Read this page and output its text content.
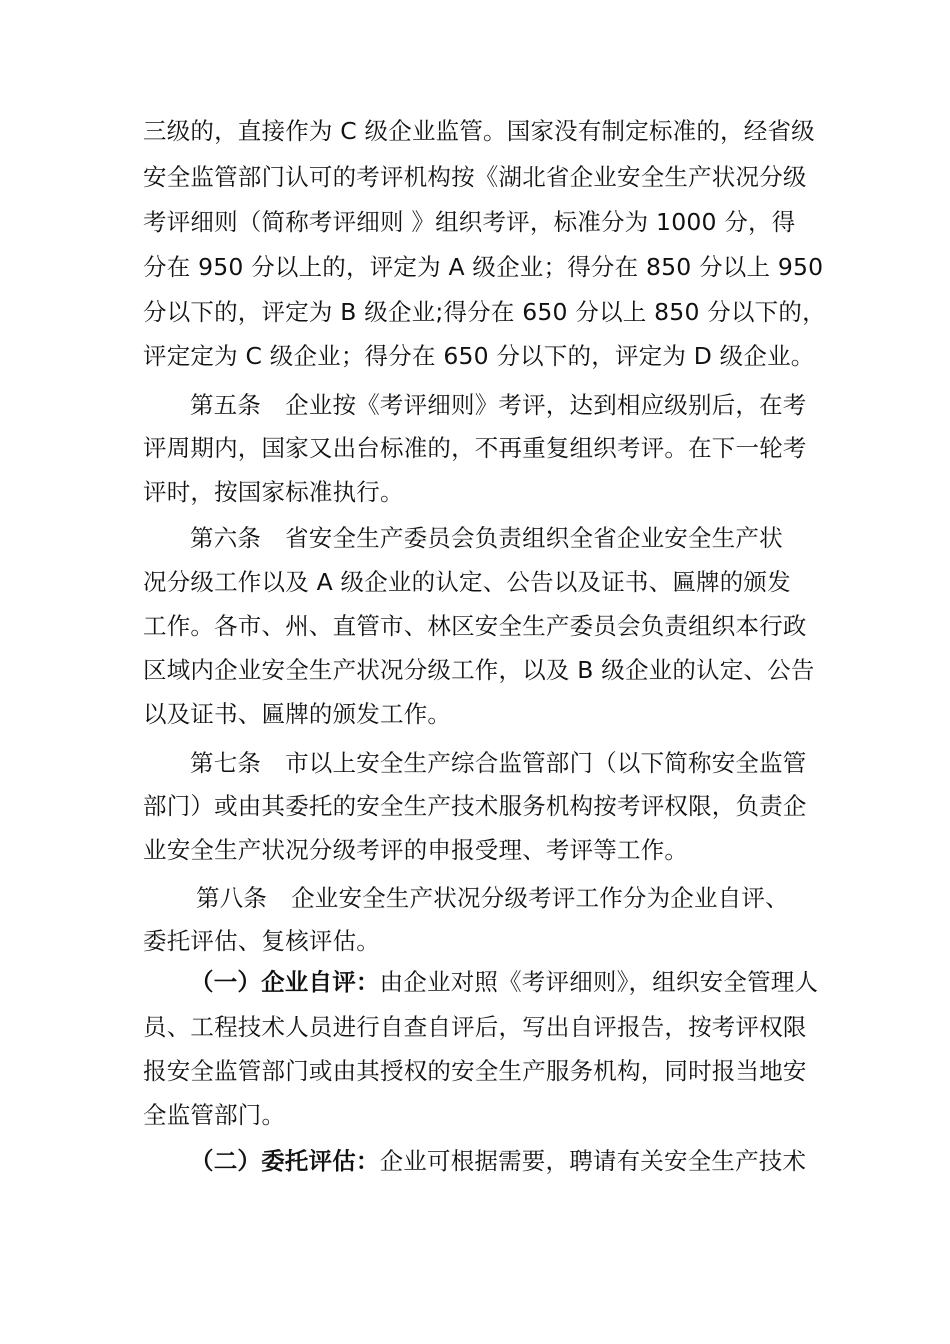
三级的，直接作为 C 级企业监管。国家没有制定标准的，经省级
安全监管部门认可的考评机构按《湖北省企业安全生产状况分级
考评细则（简称考评细则 》组织考评，标准分为 1000 分，得
分在 950 分以上的，评定为 A 级企业；得分在 850 分以上 950
分以下的，评定为 B 级企业;得分在 650 分以上 850 分以下的，
评定定为 C 级企业；得分在 650 分以下的，评定为 D 级企业。
第五条 企业按《考评细则》考评，达到相应级别后，在考
评周期内，国家又出台标准的，不再重复组织考评。在下一轮考
评时，按国家标准执行。
第六条 省安全生产委员会负责组织全省企业安全生产状
况分级工作以及 A 级企业的认定、公告以及证书、匾牌的颁发
工作。各市、州、直管市、林区安全生产委员会负责组织本行政
区域内企业安全生产状况分级工作，以及 B 级企业的认定、公告
以及证书、匾牌的颁发工作。
第七条 市以上安全生产综合监管部门（以下简称安全监管
部门）或由其委托的安全生产技术服务机构按考评权限，负责企
业安全生产状况分级考评的申报受理、考评等工作。
第八条 企业安全生产状况分级考评工作分为企业自评、
委托评估、复核评估。
（一）企业自评：由企业对照《考评细则》，组织安全管理人
员、工程技术人员进行自查自评后，写出自评报告，按考评权限
报安全监管部门或由其授权的安全生产服务机构，同时报当地安
全监管部门。
（二）委托评估：企业可根据需要，聘请有关安全生产技术
